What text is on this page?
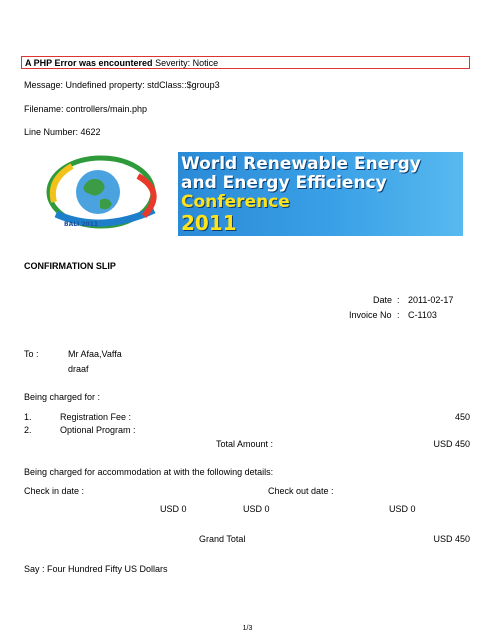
A PHP Error was encountered Severity: Notice
Message: Undefined property: stdClass::$group3
Filename: controllers/main.php
Line Number: 4622
BALI 2011
World Renewable Energy
and Energy Efficiency
Conference
2011
CONFIRMATION SLIP
Date : 2011-02-17
Invoice No : C-1103
To :	Mr Afaa,Vaffa
draaf
Being charged for :
1.	Registration Fee :	450
2.	Optional Program :
Total Amount :	USD 450
Being charged for accommodation at with the following details:
Check in date :	Check out date :
USD 0	USD 0	USD 0
Grand Total	USD 450
Say : Four Hundred Fifty US Dollars
1/3
